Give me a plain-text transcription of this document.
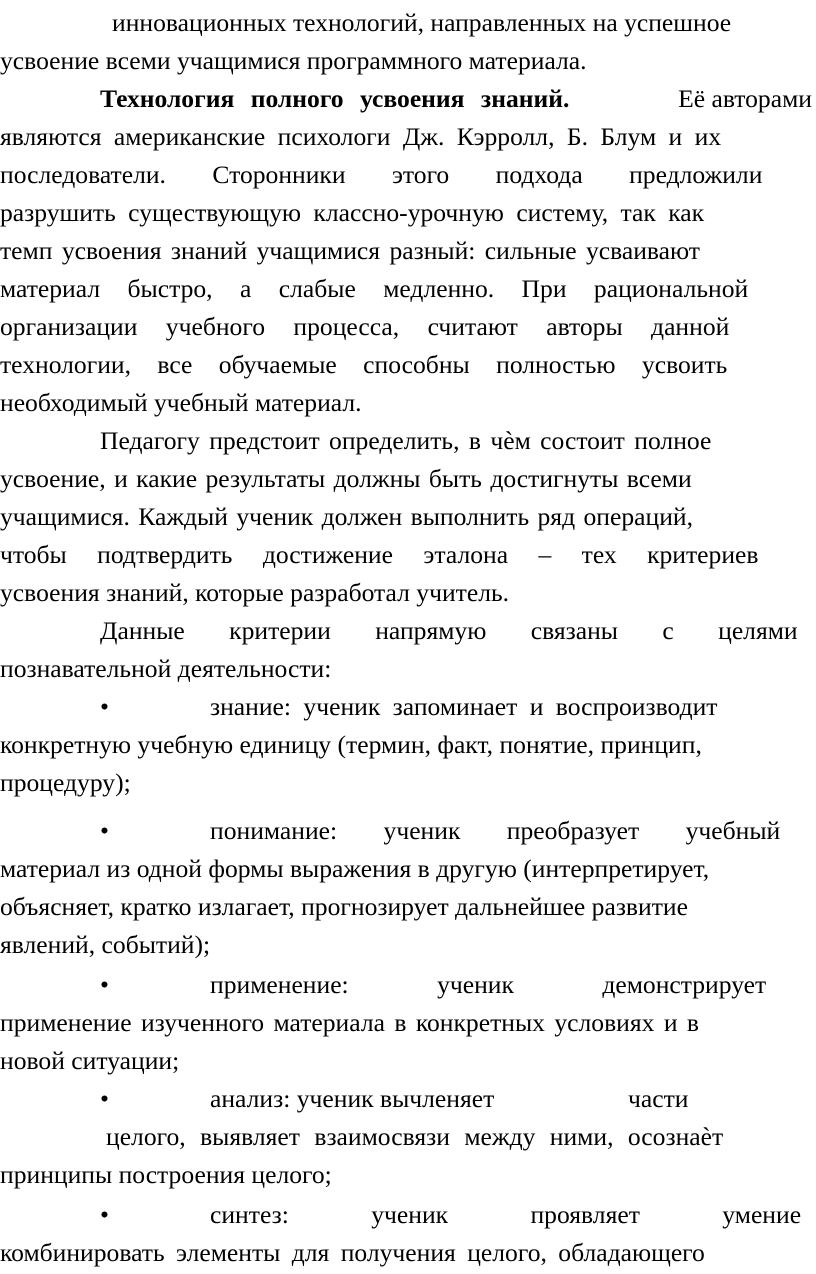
инновационных технологий, направленных на успешное
усвоение всеми учащимися программного материала.
Технология полного усвоения знаний.	Её авторами
являются американские психологи Дж. Кэрролл, Б. Блум и их
последователи. Сторонники этого подхода предложили
разрушить существующую классно-урочную систему, так как
темп усвоения знаний учащимися разный: сильные усваивают
материал быстро, а слабые медленно. При рациональной
организации учебного процесса, считают авторы данной
технологии, все обучаемые способны полностью усвоить
необходимый учебный материал.
Педагогу предстоит определить, в чѐм состоит полное
усвоение, и какие результаты должны быть достигнуты всеми
учащимися. Каждый ученик должен выполнить ряд операций,
чтобы подтвердить достижение эталона – тех критериев
усвоения знаний, которые разработал учитель.
Данные критерии напрямую связаны с целями
познавательной деятельности:
•	знание: ученик запоминает и воспроизводит
конкретную учебную единицу (термин, факт, понятие, принцип,
процедуру);
•	понимание: ученик преобразует учебный
материал из одной формы выражения в другую (интерпретирует,
объясняет, кратко излагает, прогнозирует дальнейшее развитие
явлений, событий);
•	применение: ученик демонстрирует
применение изученного материала в конкретных условиях и в
новой ситуации;
•	анализ: ученик вычленяет	части
целого, выявляет взаимосвязи между ними, осознаѐт
принципы построения целого;
•	синтез: ученик проявляет умение
комбинировать элементы для получения целого, обладающего
